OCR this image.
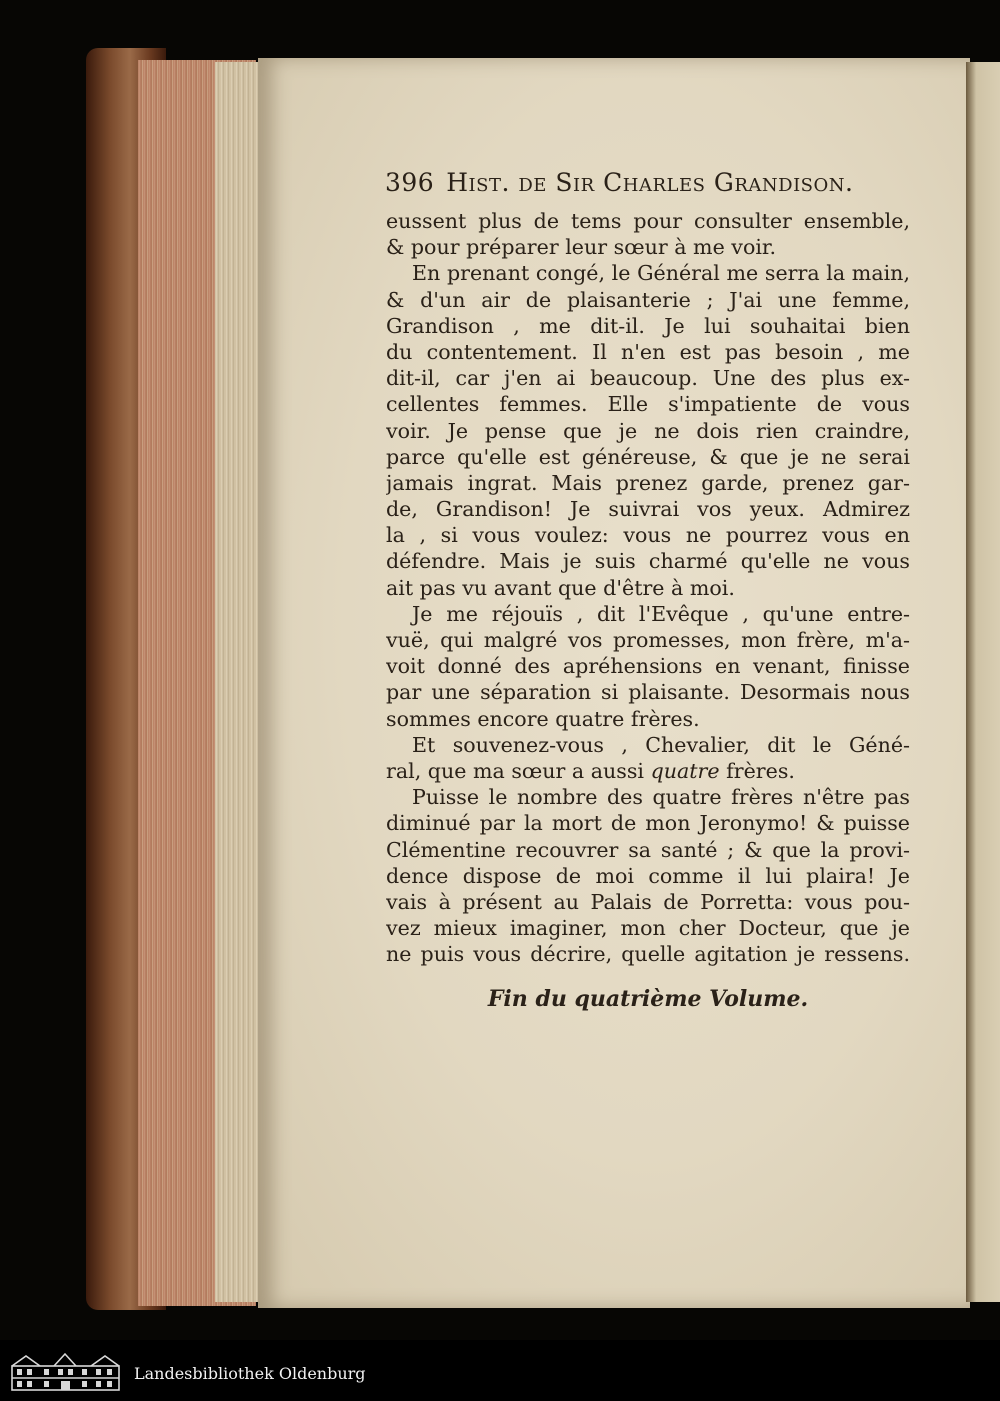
396 Hist. de Sir Charles Grandison.
eussent plus de tems pour consulter ensemble,
& pour préparer leur sœur à me voir.
En prenant congé, le Général me serra la main,
& d'un air de plaisanterie ; J'ai une femme,
Grandison , me dit-il. Je lui souhaitai bien
du contentement. Il n'en est pas besoin , me
dit-il, car j'en ai beaucoup. Une des plus ex-
cellentes femmes. Elle s'impatiente de vous
voir. Je pense que je ne dois rien craindre,
parce qu'elle est généreuse, & que je ne serai
jamais ingrat. Mais prenez garde, prenez gar-
de, Grandison! Je suivrai vos yeux. Admirez
la , si vous voulez: vous ne pourrez vous en
défendre. Mais je suis charmé qu'elle ne vous
ait pas vu avant que d'être à moi.
Je me réjouïs , dit l'Evêque , qu'une entre-
vuë, qui malgré vos promesses, mon frère, m'a-
voit donné des apréhensions en venant, finisse
par une séparation si plaisante. Desormais nous
sommes encore quatre frères.
Et souvenez-vous , Chevalier, dit le Géné-
ral, que ma sœur a aussi quatre frères.
Puisse le nombre des quatre frères n'être pas
diminué par la mort de mon Jeronymo! & puisse
Clémentine recouvrer sa santé ; & que la provi-
dence dispose de moi comme il lui plaira! Je
vais à présent au Palais de Porretta: vous pou-
vez mieux imaginer, mon cher Docteur, que je
ne puis vous décrire, quelle agitation je ressens.
Fin du quatrième Volume.
Landesbibliothek Oldenburg
